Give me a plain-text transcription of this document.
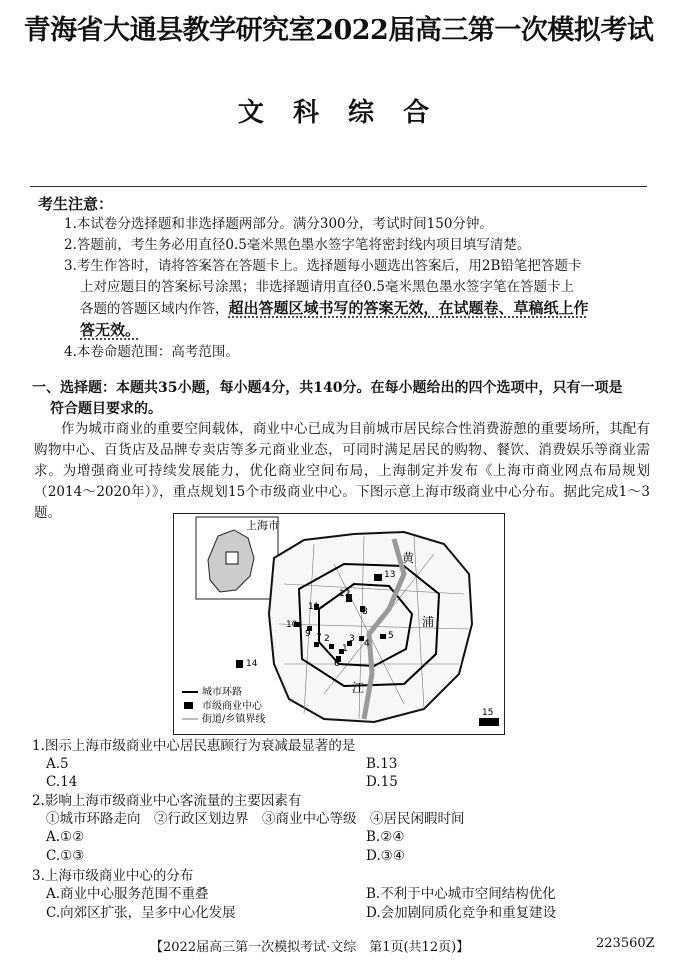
青海省大通县教学研究室2022届高三第一次模拟考试
文 科 综 合
考生注意：

1.本试卷分选择题和非选择题两部分。满分300分，考试时间150分钟。

2.答题前，考生务必用直径0.5毫米黑色墨水签字笔将密封线内项目填写清楚。

3.考生作答时，请将答案答在答题卡上。选择题每小题选出答案后，用2B铅笔把答题卡

上对应题目的答案标号涂黑；非选择题请用直径0.5毫米黑色墨水签字笔在答题卡上

各题的答题区域内作答，超出答题区域书写的答案无效，在试题卷、草稿纸上作

答无效。

4.本卷命题范围：高考范围。

一、选择题：本题共35小题，每小题4分，共140分。在每小题给出的四个选项中，只有一项是
符合题目要求的。
作为城市商业的重要空间载体，商业中心已成为目前城市居民综合性消费游憩的重要场所，其配有购物中心、百货店及品牌专卖店等多元商业业态，可同时满足居民的购物、餐饮、消费娱乐等商业需求。为增强商业可持续发展能力，优化商业空间布局，上海制定并发布《上海市商业网点布局规划（2014～2020年）》，重点规划15个市级商业中心。下图示意上海市级商业中心分布。据此完成1～3题。
上海市
黄
浦
江
13
12
11
10
9
8
7
6
5
4
3
2
1
14
15
城市环路
市级商业中心
街道/乡镇界线
1.图示上海市级商业中心居民惠顾行为衰减最显著的是
A.5	B.13
C.14	D.15
2.影响上海市级商业中心客流量的主要因素有
①城市环路走向　②行政区划边界　③商业中心等级　④居民闲暇时间
A.①②	B.②④
C.①③	D.③④
3.上海市级商业中心的分布
A.商业中心服务范围不重叠	B.不利于中心城市空间结构优化
C.向郊区扩张，呈多中心化发展	D.会加剧同质化竞争和重复建设
【2022届高三第一次模拟考试·文综　第1页(共12页)】	223560Z
